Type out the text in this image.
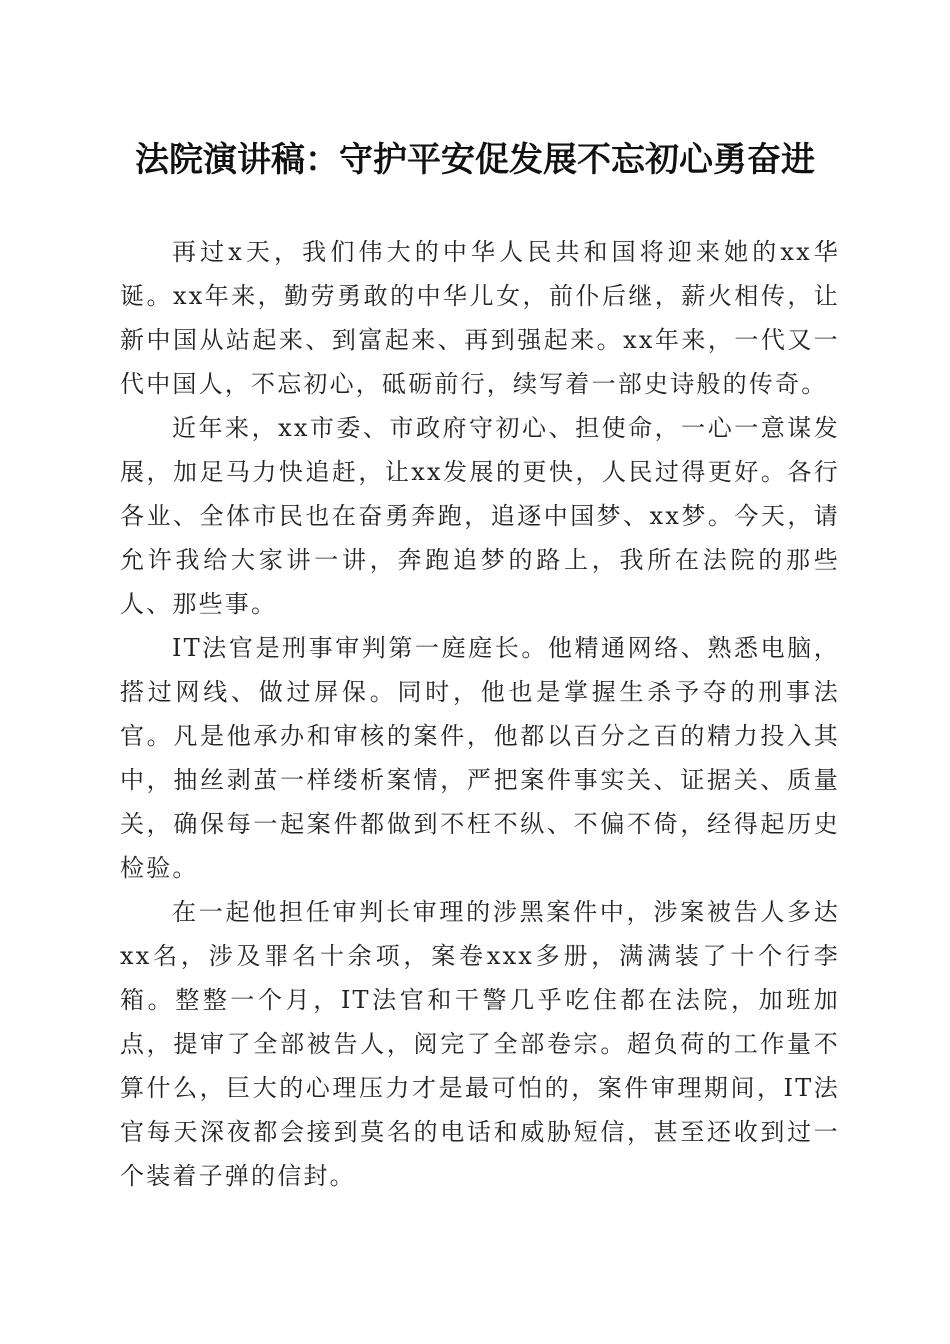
法院演讲稿：守护平安促发展不忘初心勇奋进

再过x天，我们伟大的中华人民共和国将迎来她的xx华诞。xx年来，勤劳勇敢的中华儿女，前仆后继，薪火相传，让新中国从站起来、到富起来、再到强起来。xx年来，一代又一代中国人，不忘初心，砥砺前行，续写着一部史诗般的传奇。

近年来，xx市委、市政府守初心、担使命，一心一意谋发展，加足马力快追赶，让xx发展的更快，人民过得更好。各行各业、全体市民也在奋勇奔跑，追逐中国梦、xx梦。今天，请允许我给大家讲一讲，奔跑追梦的路上，我所在法院的那些人、那些事。

IT法官是刑事审判第一庭庭长。他精通网络、熟悉电脑，搭过网线、做过屏保。同时，他也是掌握生杀予夺的刑事法官。凡是他承办和审核的案件，他都以百分之百的精力投入其中，抽丝剥茧一样缕析案情，严把案件事实关、证据关、质量关，确保每一起案件都做到不枉不纵、不偏不倚，经得起历史检验。

在一起他担任审判长审理的涉黑案件中，涉案被告人多达xx名，涉及罪名十余项，案卷xxx多册，满满装了十个行李箱。整整一个月，IT法官和干警几乎吃住都在法院，加班加点，提审了全部被告人，阅完了全部卷宗。超负荷的工作量不算什么，巨大的心理压力才是最可怕的，案件审理期间，IT法官每天深夜都会接到莫名的电话和威胁短信，甚至还收到过一个装着子弹的信封。
